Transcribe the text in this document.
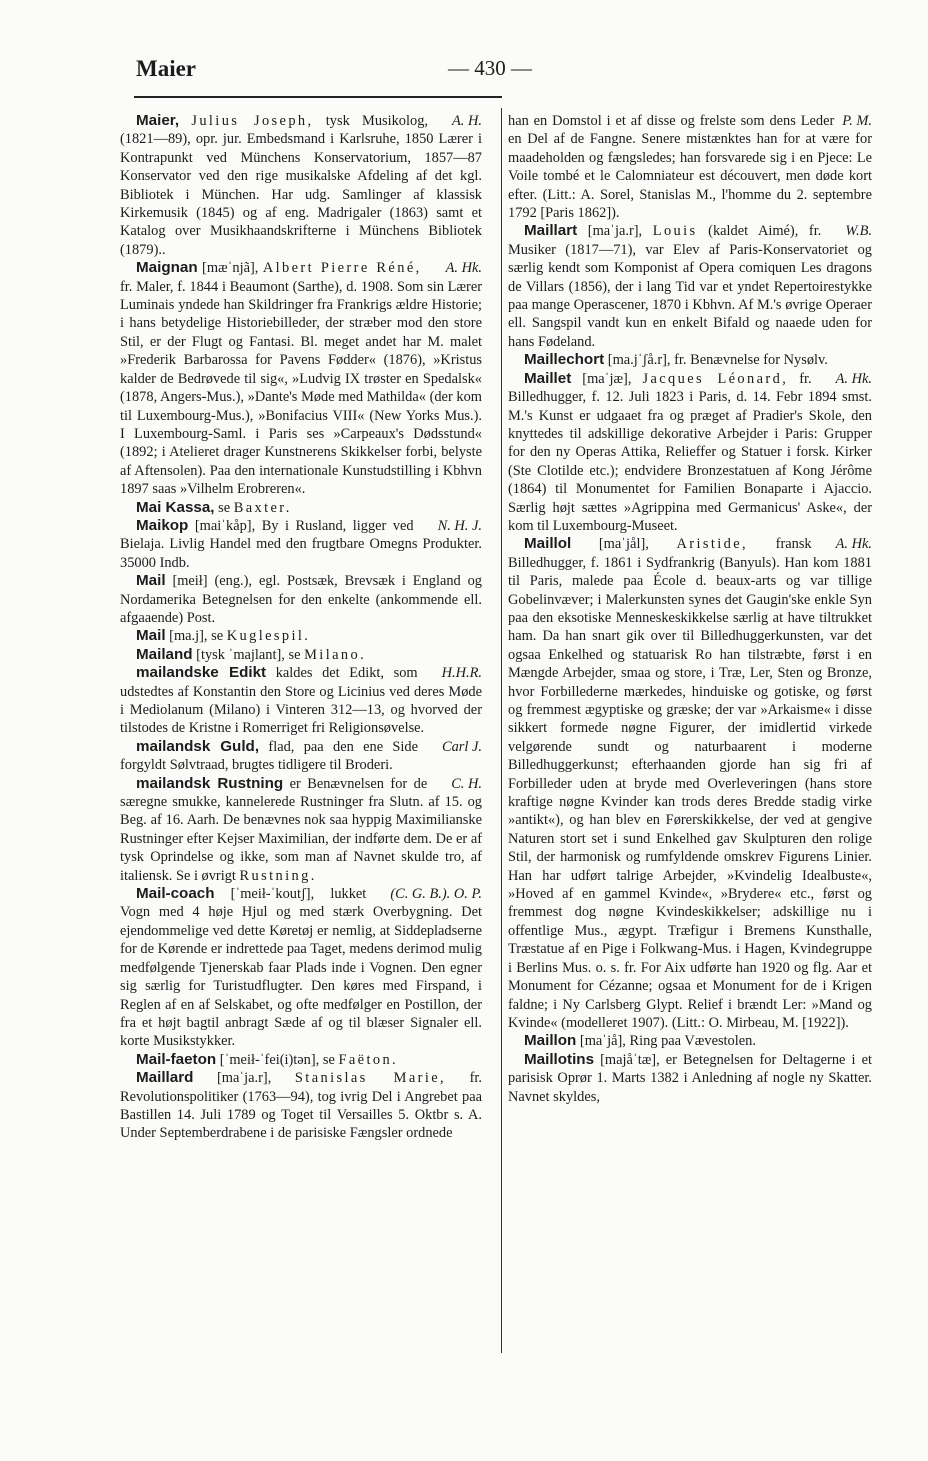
Maier	— 430 —

A. H.
Maier, Julius Joseph, tysk Musikolog, (1821—89), opr. jur. Embedsmand i Karlsruhe, 1850 Lærer i Kontrapunkt ved Münchens Konservatorium, 1857—87 Konservator ved den rige musikalske Afdeling af det kgl. Bibliotek i München. Har udg. Samlinger af klassisk Kirkemusik (1845) og af eng. Madrigaler (1863) samt et Katalog over Musikhaandskrifterne i Münchens Bibliotek (1879)..

A. Hk.
Maignan [mæˈnjã], Albert Pierre Réné, fr. Maler, f. 1844 i Beaumont (Sarthe), d. 1908. Som sin Lærer Luminais yndede han Skildringer fra Frankrigs ældre Historie; i hans betydelige Historiebilleder, der stræber mod den store Stil, er der Flugt og Fantasi. Bl. meget andet har M. malet »Frederik Barbarossa for Pavens Fødder« (1876), »Kristus kalder de Bedrøvede til sig«, »Ludvig IX trøster en Spedalsk« (1878, Angers-Mus.), »Dante's Møde med Mathilda« (der kom til Luxembourg-Mus.), »Bonifacius VIII« (New Yorks Mus.). I Luxembourg-Saml. i Paris ses »Carpeaux's Dødsstund« (1892; i Atelieret drager Kunstnerens Skikkelser forbi, belyste af Aftensolen). Paa den internationale Kunstudstilling i Kbhvn 1897 saas »Vilhelm Erobreren«.

Mai Kassa, se Baxter.

N. H. J.
Maikop [maiˈkåp], By i Rusland, ligger ved Bielaja. Livlig Handel med den frugtbare Omegns Produkter. 35000 Indb.

Mail [meił] (eng.), egl. Postsæk, Brevsæk i England og Nordamerika Betegnelsen for den enkelte (ankommende ell. afgaaende) Post.

Mail [ma.j], se Kuglespil.

Mailand [tysk ˈmajlant], se Milano.

H.H.R.
mailandske Edikt kaldes det Edikt, som udstedtes af Konstantin den Store og Licinius ved deres Møde i Mediolanum (Milano) i Vinteren 312—13, og hvorved der tilstodes de Kristne i Romerriget fri Religionsøvelse.

Carl J.
mailandsk Guld, flad, paa den ene Side forgyldt Sølvtraad, brugtes tidligere til Broderi.

C. H.
mailandsk Rustning er Benævnelsen for de særegne smukke, kannelerede Rustninger fra Slutn. af 15. og Beg. af 16. Aarh. De benævnes nok saa hyppig Maximilianske Rustninger efter Kejser Maximilian, der indførte dem. De er af tysk Oprindelse og ikke, som man af Navnet skulde tro, af italiensk. Se i øvrigt Rustning.

(C. G. B.). O. P.
Mail-coach [ˈmeił-ˈkoutʃ], lukket Vogn med 4 høje Hjul og med stærk Overbygning. Det ejendommelige ved dette Køretøj er nemlig, at Siddepladserne for de Kørende er indrettede paa Taget, medens derimod mulig medfølgende Tjenerskab faar Plads inde i Vognen. Den egner sig særlig for Turistudflugter. Den køres med Firspand, i Reglen af en af Selskabet, og ofte medfølger en Postillon, der fra et højt bagtil anbragt Sæde af og til blæser Signaler ell. korte Musikstykker.

Mail-faeton [ˈmeił-ˈfei(i)tən], se Faëton.

Maillard [maˈja.r], Stanislas Marie, fr. Revolutionspolitiker (1763—94), tog ivrig Del i Angrebet paa Bastillen 14. Juli 1789 og Toget til Versailles 5. Oktbr s. A. Under Septemberdrabene i de parisiske Fængsler ordnede

P. M.
han en Domstol i et af disse og frelste som dens Leder en Del af de Fangne. Senere mistænktes han for at være for maadeholden og fængsledes; han forsvarede sig i en Pjece: Le Voile tombé et le Calomniateur est découvert, men døde kort efter. (Litt.: A. Sorel, Stanislas M., l'homme du 2. septembre 1792 [Paris 1862]).

W.B.
Maillart [maˈja.r], Louis (kaldet Aimé), fr. Musiker (1817—71), var Elev af Paris-Konservatoriet og særlig kendt som Komponist af Opera comiquen Les dragons de Villars (1856), der i lang Tid var et yndet Repertoirestykke paa mange Operascener, 1870 i Kbhvn. Af M.'s øvrige Operaer ell. Sangspil vandt kun en enkelt Bifald og naaede uden for hans Fødeland.

Maillechort [ma.jˈʃå.r], fr. Benævnelse for Nysølv.

A. Hk.
Maillet [maˈjæ], Jacques Léonard, fr. Billedhugger, f. 12. Juli 1823 i Paris, d. 14. Febr 1894 smst. M.'s Kunst er udgaaet fra og præget af Pradier's Skole, den knyttedes til adskillige dekorative Arbejder i Paris: Grupper for den ny Operas Attika, Relieffer og Statuer i forsk. Kirker (Ste Clotilde etc.); endvidere Bronzestatuen af Kong Jérôme (1864) til Monumentet for Familien Bonaparte i Ajaccio. Særlig højt sættes »Agrippina med Germanicus' Aske«, der kom til Luxembourg-Museet.

A. Hk.
Maillol [maˈjål], Aristide, fransk Billedhugger, f. 1861 i Sydfrankrig (Banyuls). Han kom 1881 til Paris, malede paa École d. beaux-arts og var tillige Gobelinvæver; i Malerkunsten synes det Gaugin'ske enkle Syn paa den eksotiske Menneskeskikkelse særlig at have tiltrukket ham. Da han snart gik over til Billedhuggerkunsten, var det ogsaa Enkelhed og statuarisk Ro han tilstræbte, først i en Mængde Arbejder, smaa og store, i Træ, Ler, Sten og Bronze, hvor Forbillederne mærkedes, hinduiske og gotiske, og først og fremmest ægyptiske og græske; der var »Arkaisme« i disse sikkert formede nøgne Figurer, der imidlertid virkede velgørende sundt og naturbaarent i moderne Billedhuggerkunst; efterhaanden gjorde han sig fri af Forbilleder uden at bryde med Overleveringen (hans store kraftige nøgne Kvinder kan trods deres Bredde stadig virke »antikt«), og han blev en Førerskikkelse, der ved at gengive Naturen stort set i sund Enkelhed gav Skulpturen den rolige Stil, der harmonisk og rumfyldende omskrev Figurens Linier. Han har udført talrige Arbejder, »Kvindelig Idealbuste«, »Hoved af en gammel Kvinde«, »Brydere« etc., først og fremmest dog nøgne Kvindeskikkelser; adskillige nu i offentlige Mus., ægypt. Træfigur i Bremens Kunsthalle, Træstatue af en Pige i Folkwang-Mus. i Hagen, Kvindegruppe i Berlins Mus. o. s. fr. For Aix udførte han 1920 og flg. Aar et Monument for Cézanne; ogsaa et Monument for de i Krigen faldne; i Ny Carlsberg Glypt. Relief i brændt Ler: »Mand og Kvinde« (modelleret 1907). (Litt.: O. Mirbeau, M. [1922]).

Maillon [maˈjå], Ring paa Vævestolen.

Maillotins [majåˈtæ], er Betegnelsen for Deltagerne i et parisisk Oprør 1. Marts 1382 i Anledning af nogle ny Skatter. Navnet skyldes,
